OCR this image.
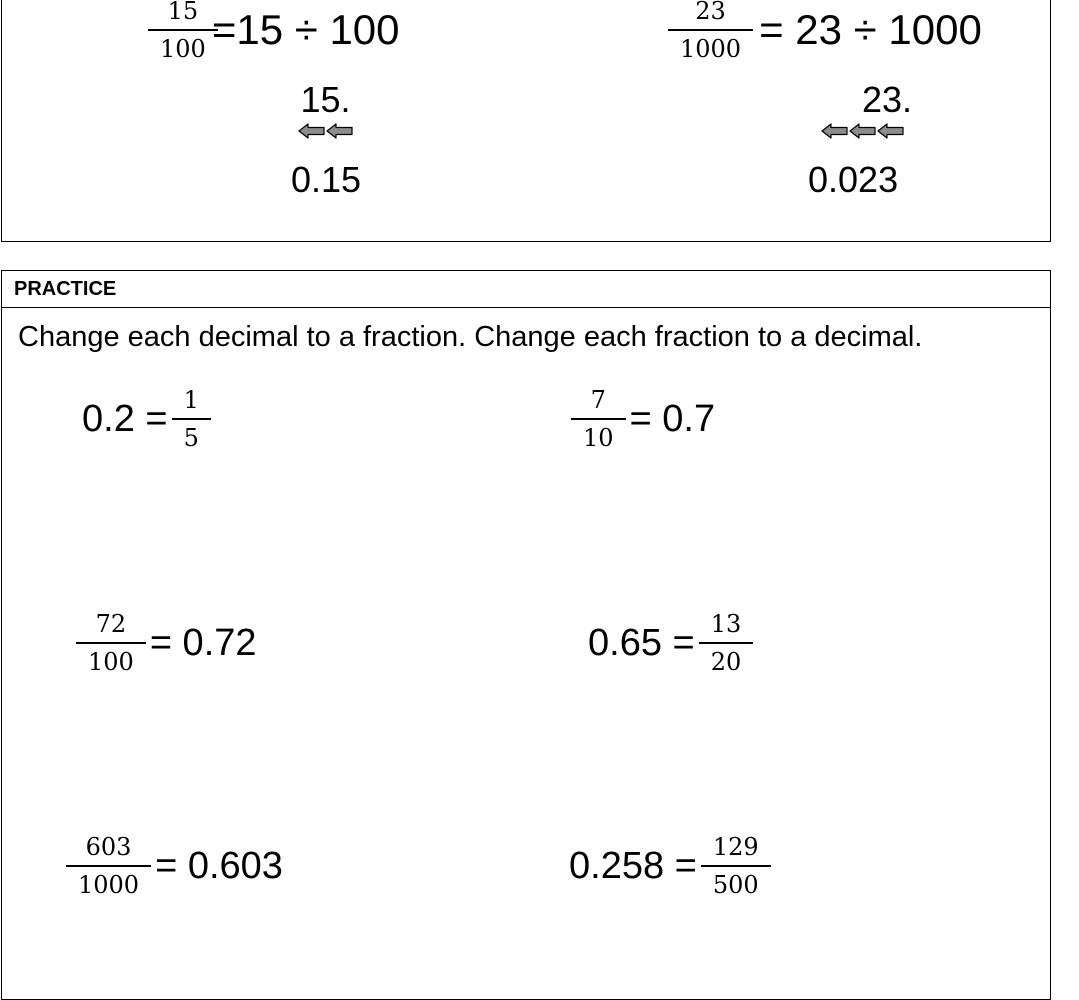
$\frac{15}{100} =15 \div 100$
15.
0.15
$\frac{23}{1000} = 23 \div 1000$
23.
0.023
PRACTICE
Change each decimal to a fraction. Change each fraction to a decimal.
$0.2 = \frac{1}{5}$	$\frac{7}{10} = 0.7$
$\frac{72}{100} = 0.72$	$0.65 = \frac{13}{20}$
$\frac{603}{1000} = 0.603$	$0.258 = \frac{129}{500}$
